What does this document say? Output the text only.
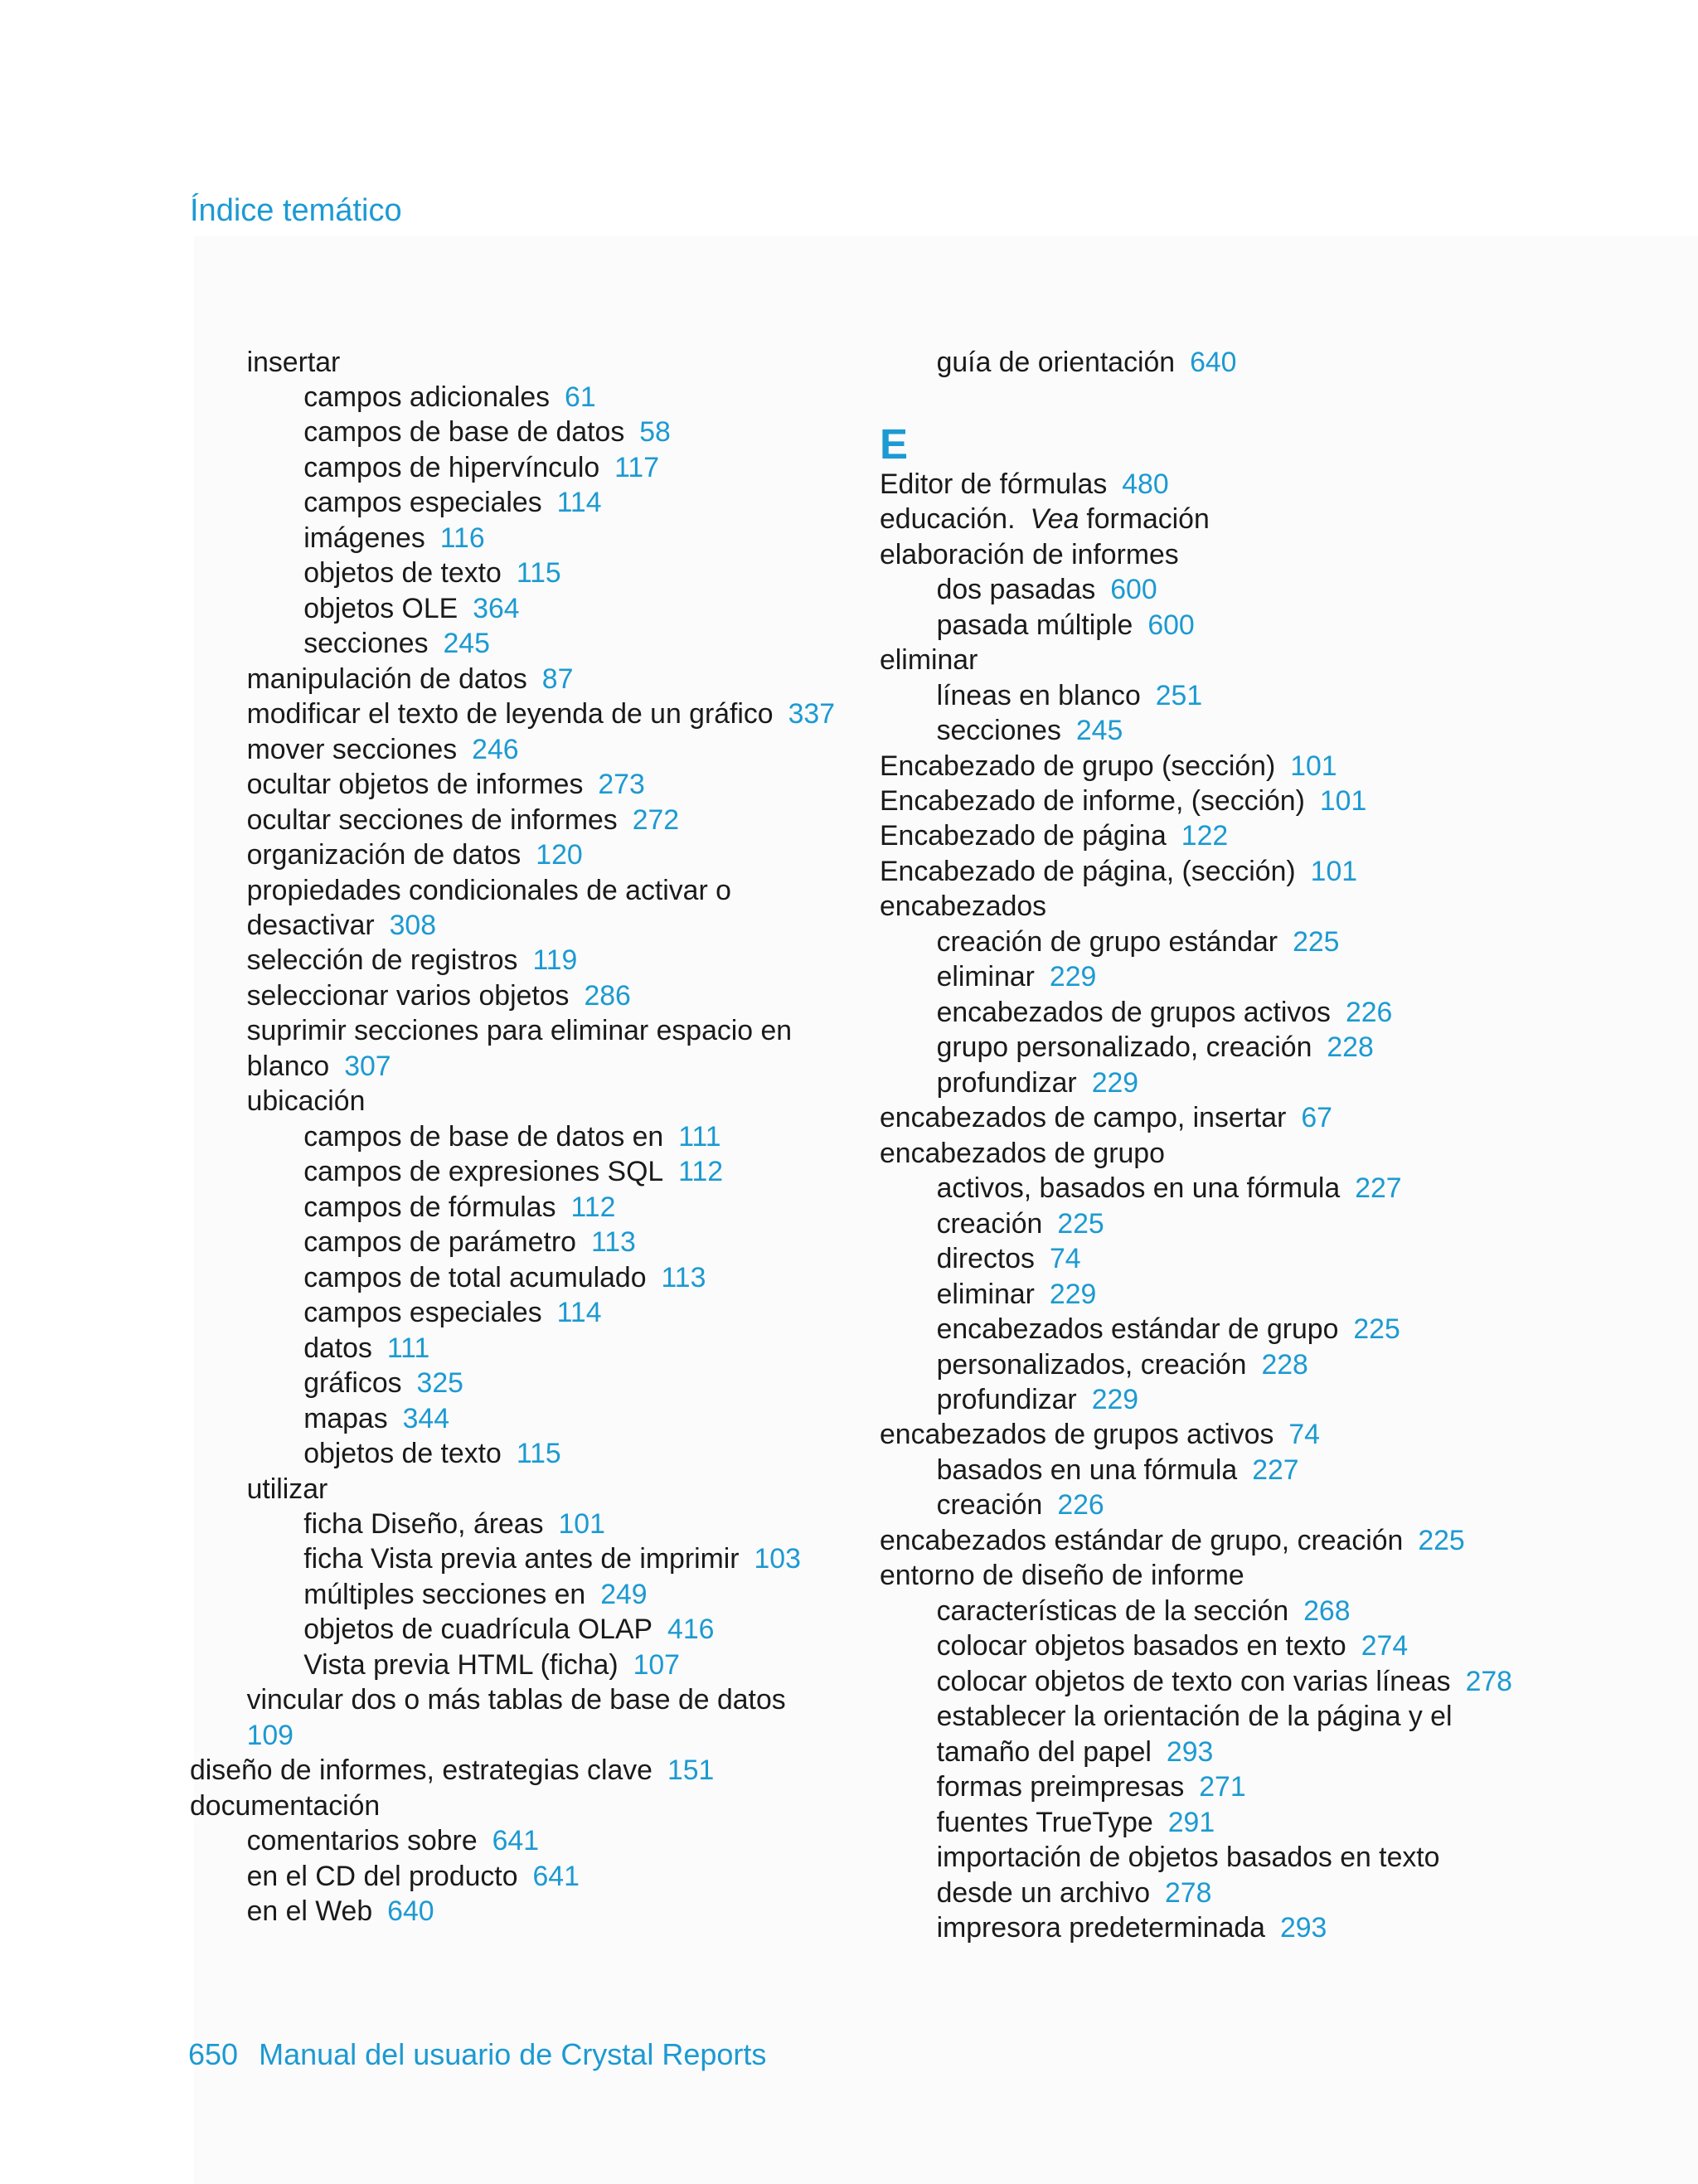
Índice temático
insertar
campos adicionales 61
campos de base de datos 58
campos de hipervínculo 117
campos especiales 114
imágenes 116
objetos de texto 115
objetos OLE 364
secciones 245
manipulación de datos 87
modificar el texto de leyenda de un gráfico 337
mover secciones 246
ocultar objetos de informes 273
ocultar secciones de informes 272
organización de datos 120
propiedades condicionales de activar o
desactivar 308
selección de registros 119
seleccionar varios objetos 286
suprimir secciones para eliminar espacio en
blanco 307
ubicación
campos de base de datos en 111
campos de expresiones SQL 112
campos de fórmulas 112
campos de parámetro 113
campos de total acumulado 113
campos especiales 114
datos 111
gráficos 325
mapas 344
objetos de texto 115
utilizar
ficha Diseño, áreas 101
ficha Vista previa antes de imprimir 103
múltiples secciones en 249
objetos de cuadrícula OLAP 416
Vista previa HTML (ficha) 107
vincular dos o más tablas de base de datos
109
diseño de informes, estrategias clave 151
documentación
comentarios sobre 641
en el CD del producto 641
en el Web 640
guía de orientación 640
E
Editor de fórmulas 480
educación. Vea formación
elaboración de informes
dos pasadas 600
pasada múltiple 600
eliminar
líneas en blanco 251
secciones 245
Encabezado de grupo (sección) 101
Encabezado de informe, (sección) 101
Encabezado de página 122
Encabezado de página, (sección) 101
encabezados
creación de grupo estándar 225
eliminar 229
encabezados de grupos activos 226
grupo personalizado, creación 228
profundizar 229
encabezados de campo, insertar 67
encabezados de grupo
activos, basados en una fórmula 227
creación 225
directos 74
eliminar 229
encabezados estándar de grupo 225
personalizados, creación 228
profundizar 229
encabezados de grupos activos 74
basados en una fórmula 227
creación 226
encabezados estándar de grupo, creación 225
entorno de diseño de informe
características de la sección 268
colocar objetos basados en texto 274
colocar objetos de texto con varias líneas 278
establecer la orientación de la página y el
tamaño del papel 293
formas preimpresas 271
fuentes TrueType 291
importación de objetos basados en texto
desde un archivo 278
impresora predeterminada 293
650 Manual del usuario de Crystal Reports
